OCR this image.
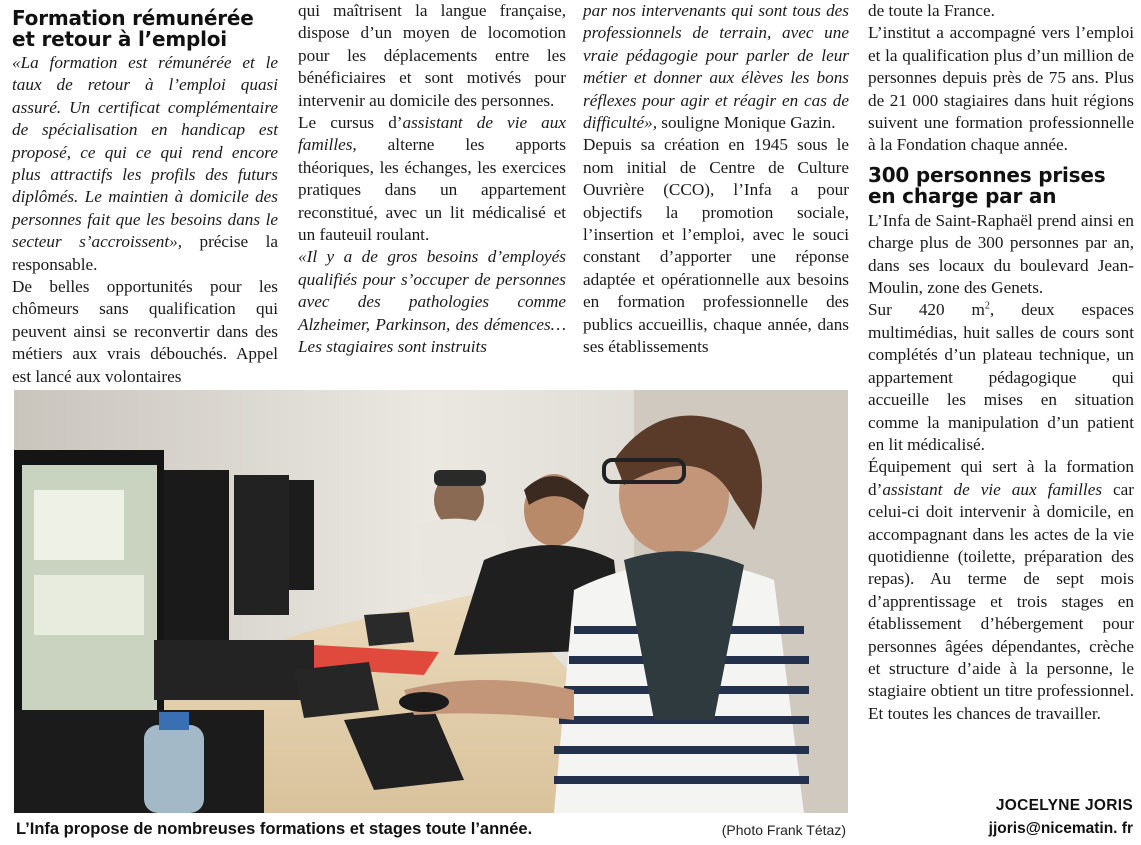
Formation rémunérée et retour à l’emploi

«La formation est rémunérée et le taux de retour à l’emploi quasi assuré. Un certificat complémentaire de spécialisation en handicap est proposé, ce qui ce qui rend encore plus attractifs les profils des futurs diplômés. Le maintien à domicile des personnes fait que les besoins dans le secteur s’accroissent», précise la responsable.

De belles opportunités pour les chômeurs sans qualification qui peuvent ainsi se reconvertir dans des métiers aux vrais débouchés. Appel est lancé aux volontaires

qui maîtrisent la langue française, dispose d’un moyen de locomotion pour les déplacements entre les bénéficiaires et sont motivés pour intervenir au domicile des personnes.

Le cursus d’assistant de vie aux familles, alterne les apports théoriques, les échanges, les exercices pratiques dans un appartement reconstitué, avec un lit médicalisé et un fauteuil roulant.

«Il y a de gros besoins d’employés qualifiés pour s’occuper de personnes avec des pathologies comme Alzheimer, Parkinson, des démences… Les stagiaires sont instruits

par nos intervenants qui sont tous des professionnels de terrain, avec une vraie pédagogie pour parler de leur métier et donner aux élèves les bons réflexes pour agir et réagir en cas de difficulté», souligne Monique Gazin.

Depuis sa création en 1945 sous le nom initial de Centre de Culture Ouvrière (CCO), l’Infa a pour objectifs la promotion sociale, l’insertion et l’emploi, avec le souci constant d’apporter une réponse adaptée et opérationnelle aux besoins en formation professionnelle des publics accueillis, chaque année, dans ses établissements

de toute la France.

L’institut a accompagné vers l’emploi et la qualification plus d’un million de personnes depuis près de 75 ans. Plus de 21 000 stagiaires dans huit régions suivent une formation professionnelle à la Fondation chaque année.

300 personnes prises en charge par an

L’Infa de Saint-Raphaël prend ainsi en charge plus de 300 personnes par an, dans ses locaux du boulevard Jean-Moulin, zone des Genets.

Sur 420 $m^2$, deux espaces multimédias, huit salles de cours sont complétés d’un plateau technique, un appartement pédagogique qui accueille les mises en situation comme la manipulation d’un patient en lit médicalisé.

Équipement qui sert à la formation d’assistant de vie aux familles car celui-ci doit intervenir à domicile, en accompagnant dans les actes de la vie quotidienne (toilette, préparation des repas). Au terme de sept mois d’apprentissage et trois stages en établissement d’hébergement pour personnes âgées dépendantes, crèche et structure d’aide à la personne, le stagiaire obtient un titre professionnel. Et toutes les chances de travailler.

L’Infa propose de nombreuses formations et stages toute l’année.	(Photo Frank Tétaz)
JOCELYNE JORIS
jjoris@nicematin. fr
